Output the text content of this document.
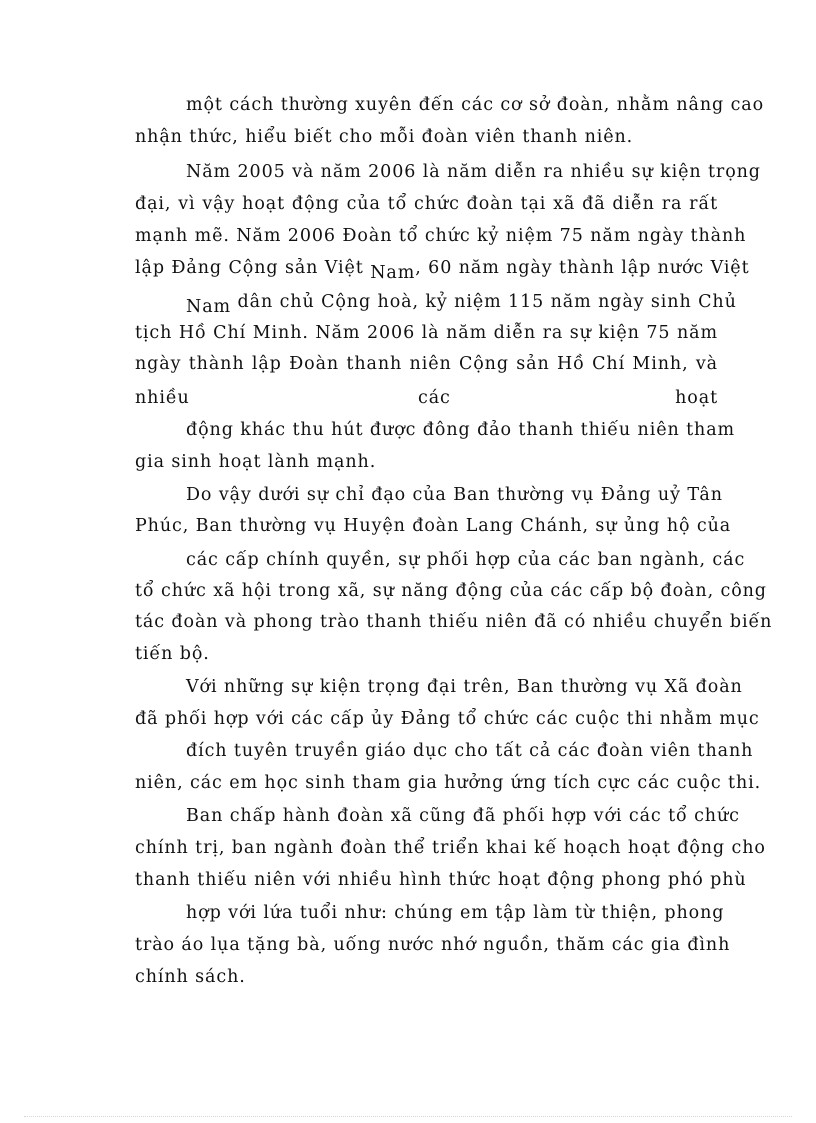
một cách thường xuyên đến các cơ sở đoàn, nhằm nâng cao
nhận thức, hiểu biết cho mỗi đoàn viên thanh niên.
Năm 2005 và năm 2006 là năm diễn ra nhiều sự kiện trọng
đại, vì vậy hoạt động của tổ chức đoàn tại xã đã diễn ra rất
mạnh mẽ. Năm 2006 Đoàn tổ chức kỷ niệm 75 năm ngày thành
lập Đảng Cộng sản Việt Nam, 60 năm ngày thành lập nước Việt
Nam dân chủ Cộng hoà, kỷ niệm 115 năm ngày sinh Chủ
tịch Hồ Chí Minh. Năm 2006 là năm diễn ra sự kiện 75 năm
ngày thành lập Đoàn thanh niên Cộng sản Hồ Chí Minh, và
nhiều	các	hoạt
động khác thu hút được đông đảo thanh thiếu niên tham
gia sinh hoạt lành mạnh.
Do vậy dưới sự chỉ đạo của Ban thường vụ Đảng uỷ Tân
Phúc, Ban thường vụ Huyện đoàn Lang Chánh, sự ủng hộ của
các cấp chính quyền, sự phối hợp của các ban ngành, các
tổ chức xã hội trong xã, sự năng động của các cấp bộ đoàn, công
tác đoàn và phong trào thanh thiếu niên đã có nhiều chuyển biến
tiến bộ.
Với những sự kiện trọng đại trên, Ban thường vụ Xã đoàn
đã phối hợp với các cấp ủy Đảng tổ chức các cuộc thi nhằm mục
đích tuyên truyền giáo dục cho tất cả các đoàn viên thanh
niên, các em học sinh tham gia hưởng ứng tích cực các cuộc thi.
Ban chấp hành đoàn xã cũng đã phối hợp với các tổ chức
chính trị, ban ngành đoàn thể triển khai kế hoạch hoạt động cho
thanh thiếu niên với nhiều hình thức hoạt động phong phó phù
hợp với lứa tuổi như: chúng em tập làm từ thiện, phong
trào áo lụa tặng bà, uống nước nhớ nguồn, thăm các gia đình
chính sách.
